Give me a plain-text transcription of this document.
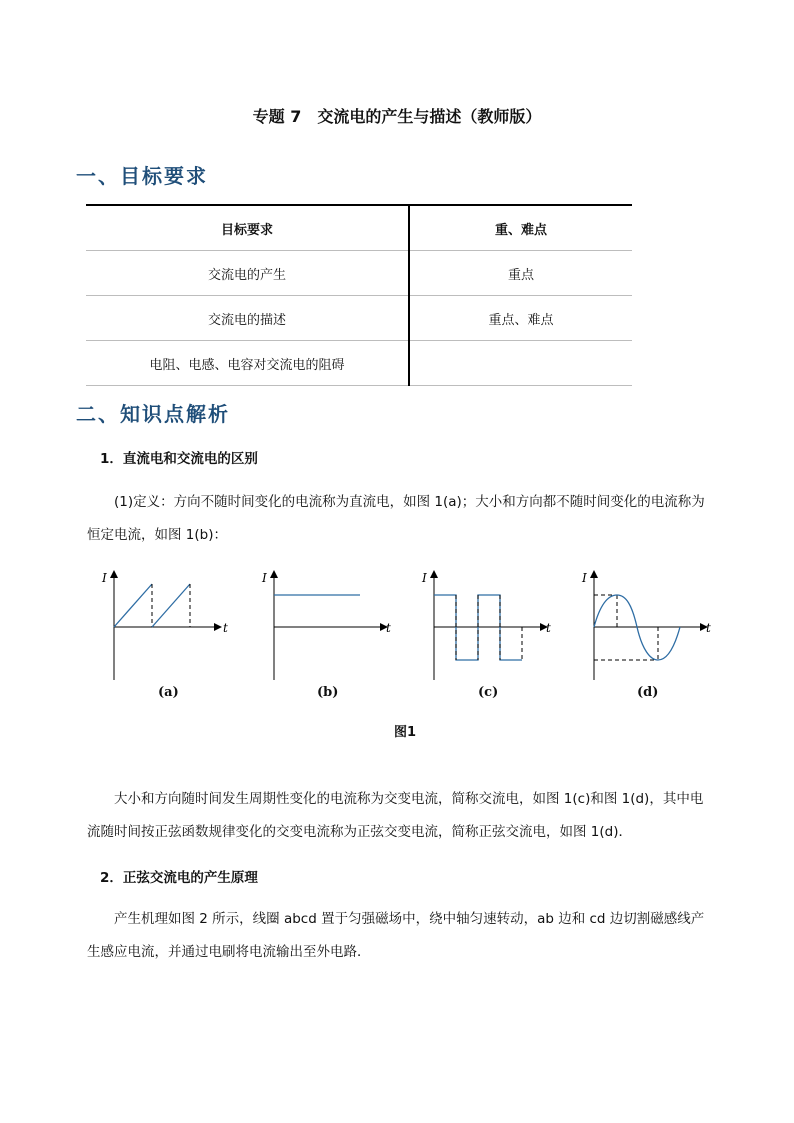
专题 7　交流电的产生与描述（教师版）
一、目标要求
目标要求	重、难点
交流电的产生	重点
交流电的描述	重点、难点
电阻、电感、电容对交流电的阻碍	
二、知识点解析
1．直流电和交流电的区别
(1)定义：方向不随时间变化的电流称为直流电，如图 1(a)；大小和方向都不随时间变化的电流称为恒定电流，如图 1(b)：
I
t
I
t
I
t
I
t
(a)	(b)	(c)	(d)
图1
大小和方向随时间发生周期性变化的电流称为交变电流，简称交流电，如图 1(c)和图 1(d)，其中电流随时间按正弦函数规律变化的交变电流称为正弦交变电流，简称正弦交流电，如图 1(d)．
2．正弦交流电的产生原理
产生机理如图 2 所示，线圈 abcd 置于匀强磁场中，绕中轴匀速转动，ab 边和 cd 边切割磁感线产生感应电流，并通过电刷将电流输出至外电路．
